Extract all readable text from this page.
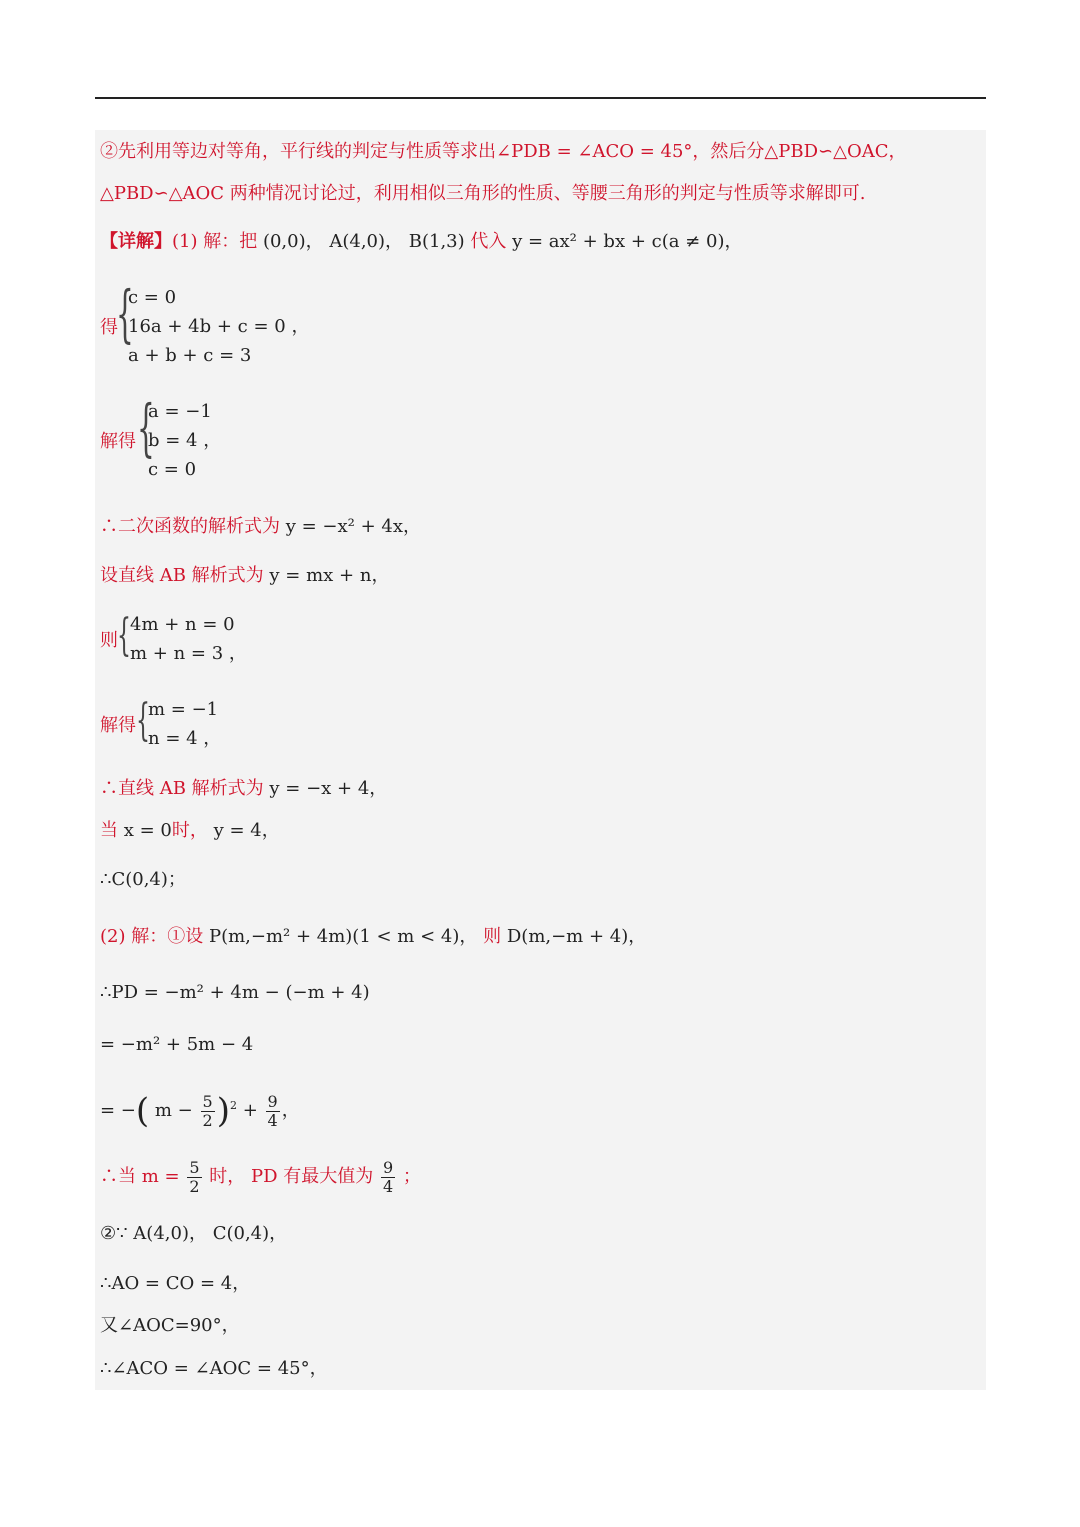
②先利用等边对等角，平行线的判定与性质等求出∠PDB = ∠ACO = 45°，然后分△PBD∽△OAC，
△PBD∽△AOC 两种情况讨论过，利用相似三角形的性质、等腰三角形的判定与性质等求解即可.
【详解】(1) 解：把 (0,0)， A(4,0)， B(1,3) 代入 y = ax² + bx + c(a ≠ 0)，
得
{
c = 0
16a + 4b + c = 0 ，
a + b + c = 3
解得 {
a = −1
b = 4 ，
c = 0
∴二次函数的解析式为 y = −x² + 4x，
设直线 AB 解析式为 y = mx + n，
则 { 4m + n = 0
m + n = 3 ，
解得 {
m = −1
n = 4 ，
∴直线 AB 解析式为 y = −x + 4，
当 x = 0时， y = 4，
∴C(0,4)；
(2) 解：①设 P(m,−m² + 4m)(1 < m < 4)， 则 D(m,−m + 4)，
∴PD = −m² + 4m − (−m + 4)
= −m² + 5m − 4
= −( $m - \frac{5}{2} )^2 + \frac{9}{4}$ ，
∴当 $m = \frac{5}{2}$ 时， PD 有最大值为 $\frac{9}{4}$ ；
②∵ A(4,0)， C(0,4)，
∴AO = CO = 4，
又∠AOC=90°，
∴∠ACO = ∠AOC = 45°，
